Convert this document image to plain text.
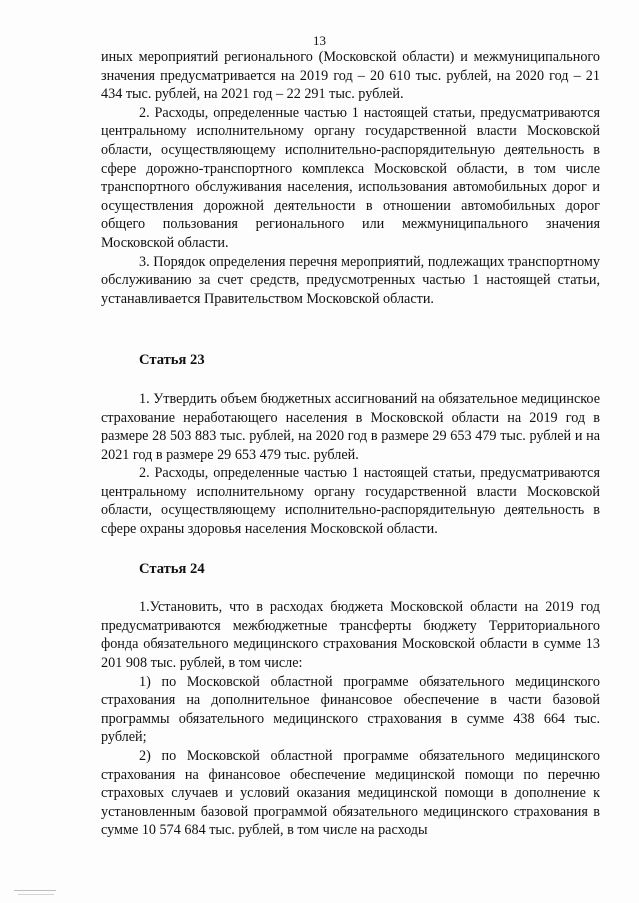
13

иных мероприятий регионального (Московской области) и межмуниципального значения предусматривается на 2019 год – 20 610 тыс. рублей, на 2020 год – 21 434 тыс. рублей, на 2021 год – 22 291 тыс. рублей.

2. Расходы, определенные частью 1 настоящей статьи, предусматриваются центральному исполнительному органу государственной власти Московской области, осуществляющему исполнительно-распорядительную деятельность в сфере дорожно-транспортного комплекса Московской области, в том числе транспортного обслуживания населения, использования автомобильных дорог и осуществления дорожной деятельности в отношении автомобильных дорог общего пользования регионального или межмуниципального значения Московской области.

3. Порядок определения перечня мероприятий, подлежащих транспортному обслуживанию за счет средств, предусмотренных частью 1 настоящей статьи, устанавливается Правительством Московской области.

Статья 23

1. Утвердить объем бюджетных ассигнований на обязательное медицинское страхование неработающего населения в Московской области на 2019 год в размере 28 503 883 тыс. рублей, на 2020 год в размере 29 653 479 тыс. рублей и на 2021 год в размере 29 653 479 тыс. рублей.

2. Расходы, определенные частью 1 настоящей статьи, предусматриваются центральному исполнительному органу государственной власти Московской области, осуществляющему исполнительно-распорядительную деятельность в сфере охраны здоровья населения Московской области.

Статья 24

1.Установить, что в расходах бюджета Московской области на 2019 год предусматриваются межбюджетные трансферты бюджету Территориального фонда обязательного медицинского страхования Московской области в сумме 13 201 908 тыс. рублей, в том числе:

1) по Московской областной программе обязательного медицинского страхования на дополнительное финансовое обеспечение в части базовой программы обязательного медицинского страхования в сумме 438 664 тыс. рублей;

2) по Московской областной программе обязательного медицинского страхования на финансовое обеспечение медицинской помощи по перечню страховых случаев и условий оказания медицинской помощи в дополнение к установленным базовой программой обязательного медицинского страхования в сумме 10 574 684 тыс. рублей, в том числе на расходы
